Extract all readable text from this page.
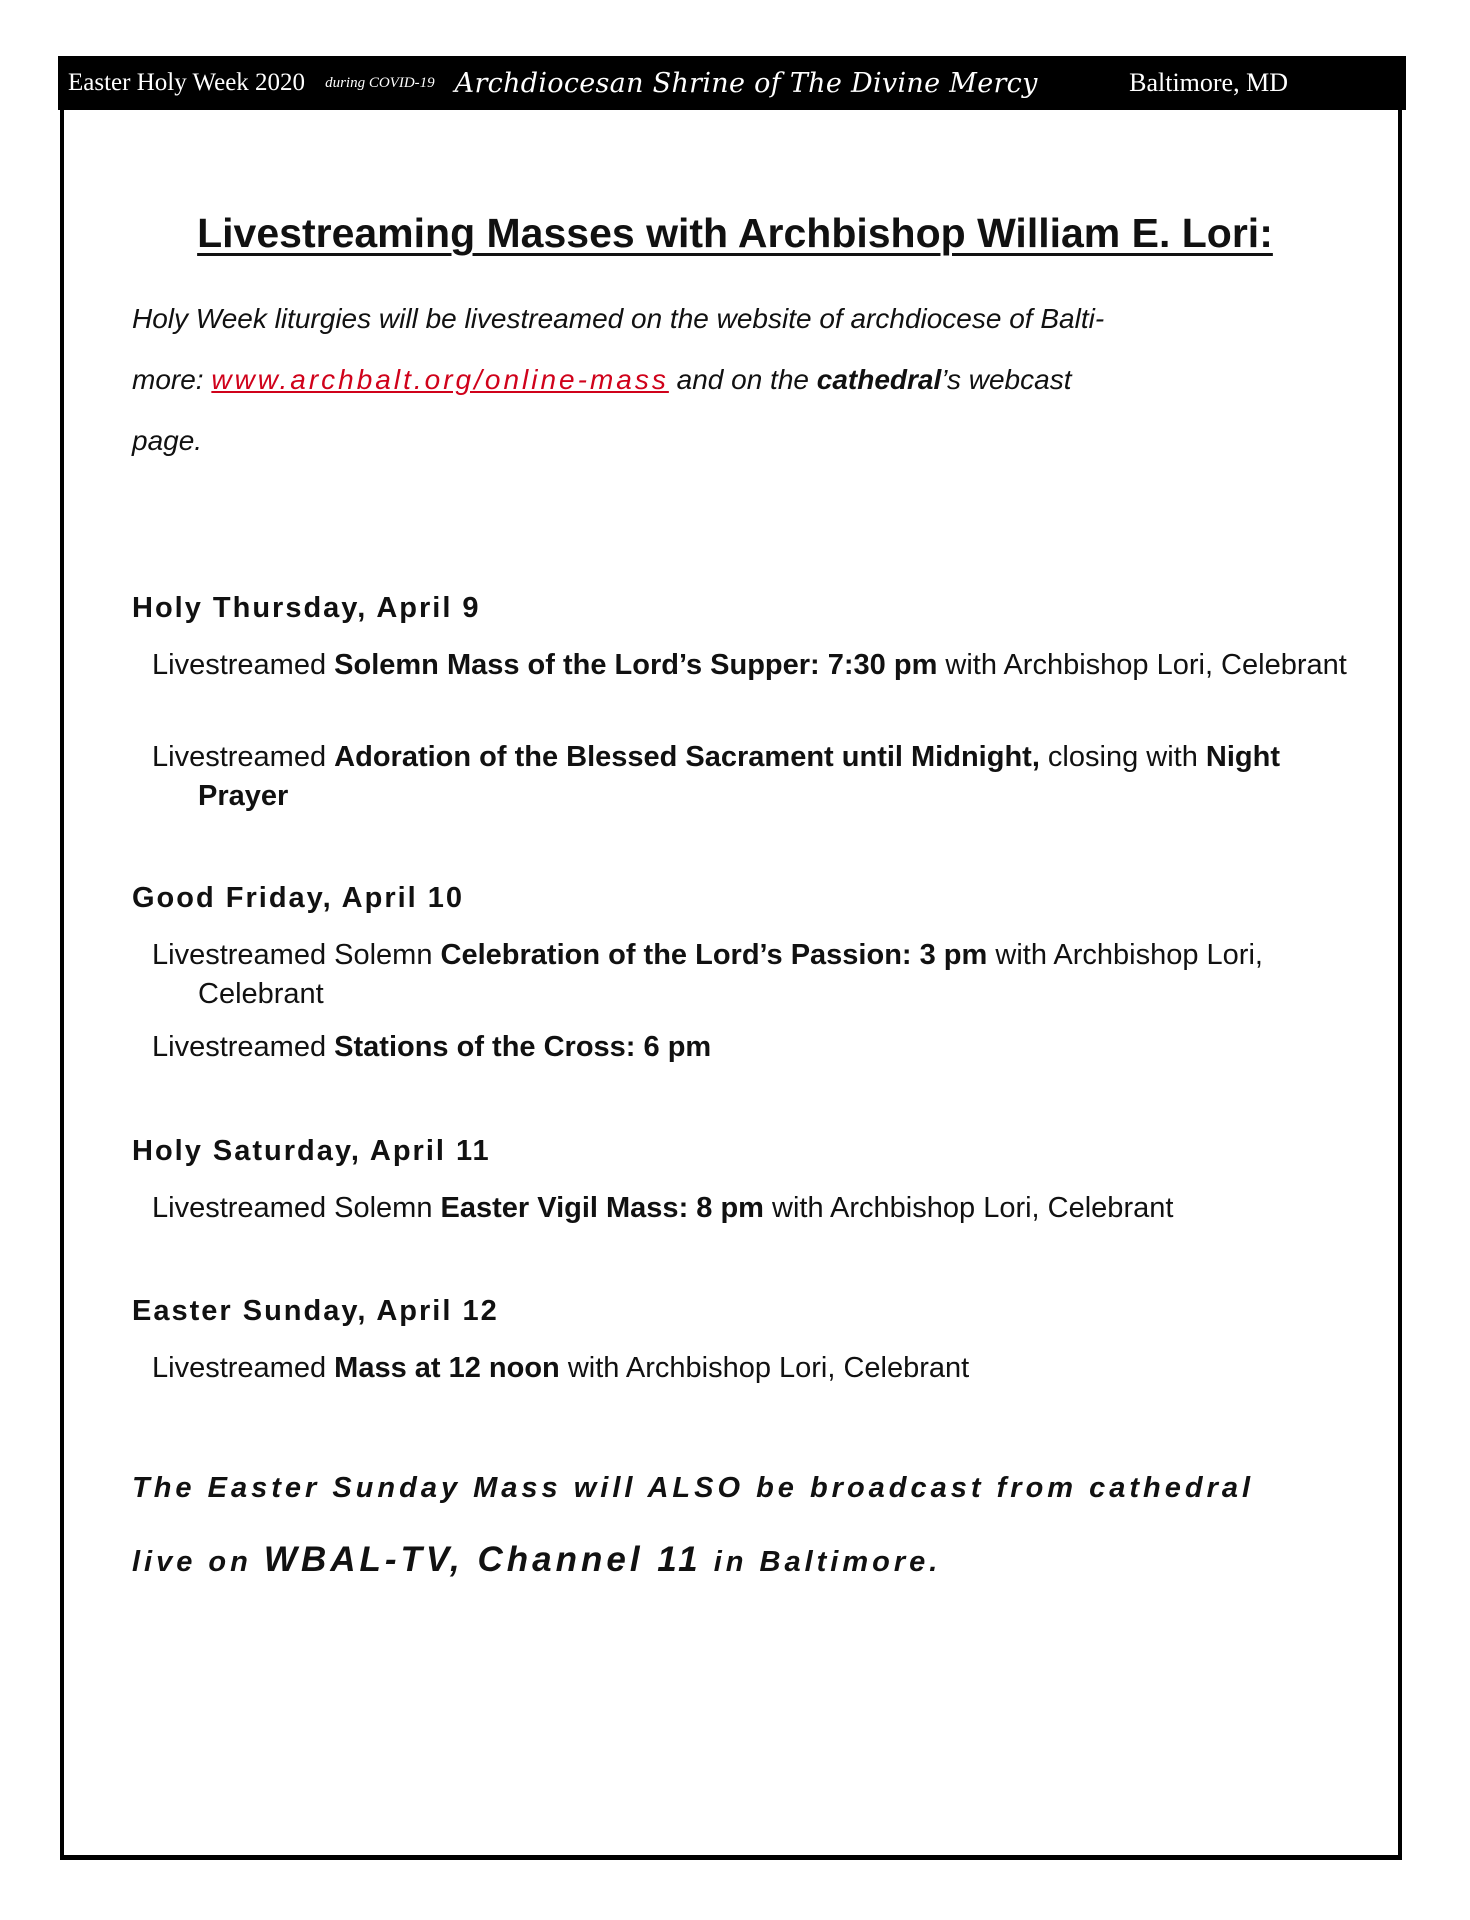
Easter Holy Week 2020 during COVID-19 Archdiocesan Shrine of The Divine Mercy	Baltimore, MD
Livestreaming Masses with Archbishop William E. Lori:
Holy Week liturgies will be livestreamed on the website of archdiocese of Balti-
more: www.archbalt.org/online-mass and on the cathedral’s webcast
page.
Holy Thursday, April 9
Livestreamed Solemn Mass of the Lord’s Supper: 7:30 pm with Archbishop Lori, Celebrant
Livestreamed Adoration of the Blessed Sacrament until Midnight, closing with Night Prayer
Good Friday, April 10
Livestreamed Solemn Celebration of the Lord’s Passion: 3 pm with Archbishop Lori, Celebrant
Livestreamed Stations of the Cross: 6 pm
Holy Saturday, April 11
Livestreamed Solemn Easter Vigil Mass: 8 pm with Archbishop Lori, Celebrant
Easter Sunday, April 12
Livestreamed Mass at 12 noon with Archbishop Lori, Celebrant
The Easter Sunday Mass will ALSO be broadcast from cathedral
live on WBAL-TV, Channel 11 in Baltimore.
